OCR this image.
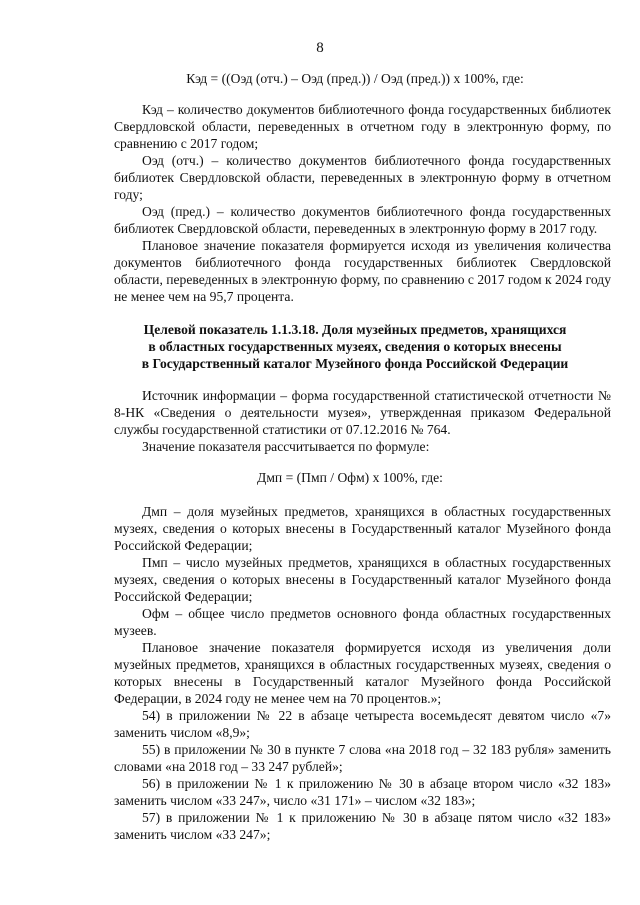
8
Кэд = ((Оэд (отч.) – Оэд (пред.)) / Оэд (пред.)) х 100%, где:

Кэд – количество документов библиотечного фонда государственных библиотек Свердловской области, переведенных в отчетном году в электронную форму, по сравнению с 2017 годом;

Оэд (отч.) – количество документов библиотечного фонда государственных библиотек Свердловской области, переведенных в электронную форму в отчетном году;

Оэд (пред.) – количество документов библиотечного фонда государственных библиотек Свердловской области, переведенных в электронную форму в 2017 году.

Плановое значение показателя формируется исходя из увеличения количества документов библиотечного фонда государственных библиотек Свердловской области, переведенных в электронную форму, по сравнению с 2017 годом к 2024 году не менее чем на 95,7 процента.

Целевой показатель 1.1.3.18. Доля музейных предметов, хранящихся
в областных государственных музеях, сведения о которых внесены
в Государственный каталог Музейного фонда Российской Федерации

Источник информации – форма государственной статистической отчетности № 8-НК «Сведения о деятельности музея», утвержденная приказом Федеральной службы государственной статистики от 07.12.2016 № 764.

Значение показателя рассчитывается по формуле:

Дмп = (Пмп / Офм) х 100%, где:

Дмп – доля музейных предметов, хранящихся в областных государственных музеях, сведения о которых внесены в Государственный каталог Музейного фонда Российской Федерации;

Пмп – число музейных предметов, хранящихся в областных государственных музеях, сведения о которых внесены в Государственный каталог Музейного фонда Российской Федерации;

Офм – общее число предметов основного фонда областных государственных музеев.

Плановое значение показателя формируется исходя из увеличения доли музейных предметов, хранящихся в областных государственных музеях, сведения о которых внесены в Государственный каталог Музейного фонда Российской Федерации, в 2024 году не менее чем на 70 процентов.»;

54) в приложении № 22 в абзаце четыреста восемьдесят девятом число «7» заменить числом «8,9»;

55) в приложении № 30 в пункте 7 слова «на 2018 год – 32 183 рубля» заменить словами «на 2018 год – 33 247 рублей»;

56) в приложении № 1 к приложению № 30 в абзаце втором число «32 183» заменить числом «33 247», число «31 171» – числом «32 183»;

57) в приложении № 1 к приложению № 30 в абзаце пятом число «32 183» заменить числом «33 247»;
